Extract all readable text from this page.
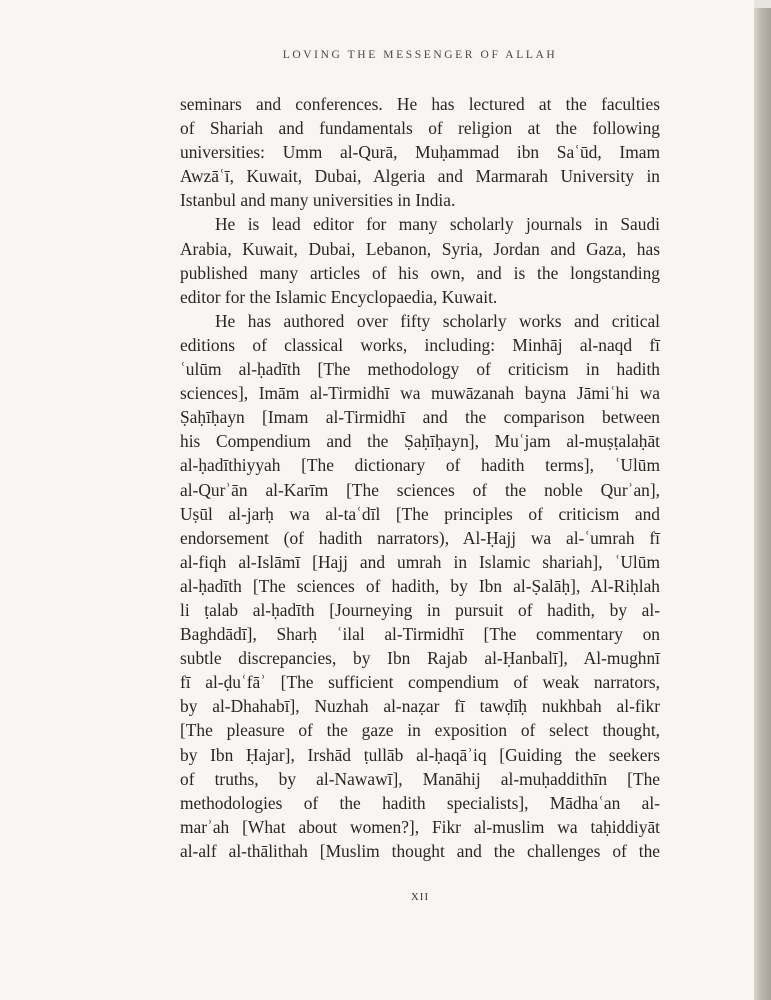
LOVING THE MESSENGER OF ALLAH
seminars and conferences. He has lectured at the faculties
of Shariah and fundamentals of religion at the following
universities: Umm al-Qurā, Muḥammad ibn Saʿūd, Imam
Awzāʿī, Kuwait, Dubai, Algeria and Marmarah University in
Istanbul and many universities in India.
He is lead editor for many scholarly journals in Saudi
Arabia, Kuwait, Dubai, Lebanon, Syria, Jordan and Gaza, has
published many articles of his own, and is the longstanding
editor for the Islamic Encyclopaedia, Kuwait.
He has authored over fifty scholarly works and critical
editions of classical works, including: Minhāj al-naqd fī
ʿulūm al-ḥadīth [The methodology of criticism in hadith
sciences], Imām al-Tirmidhī wa muwāzanah bayna Jāmiʿhi wa
Ṣaḥīḥayn [Imam al-Tirmidhī and the comparison between
his Compendium and the Ṣaḥīḥayn], Muʿjam al-muṣṭalaḥāt
al-ḥadīthiyyah [The dictionary of hadith terms], ʿUlūm
al-Qurʾān al-Karīm [The sciences of the noble Qurʾan],
Uṣūl al-jarḥ wa al-taʿdīl [The principles of criticism and
endorsement (of hadith narrators), Al-Ḥajj wa al-ʿumrah fī
al-fiqh al-Islāmī [Hajj and umrah in Islamic shariah], ʿUlūm
al-ḥadīth [The sciences of hadith, by Ibn al-Ṣalāḥ], Al-Riḥlah
li ṭalab al-ḥadīth [Journeying in pursuit of hadith, by al-
Baghdādī], Sharḥ ʿilal al-Tirmidhī [The commentary on
subtle discrepancies, by Ibn Rajab al-Ḥanbalī], Al-mughnī
fī al-ḍuʿfāʾ [The sufficient compendium of weak narrators,
by al-Dhahabī], Nuzhah al-naẓar fī tawḍīḥ nukhbah al-fikr
[The pleasure of the gaze in exposition of select thought,
by Ibn Ḥajar], Irshād ṭullāb al-ḥaqāʾiq [Guiding the seekers
of truths, by al-Nawawī], Manāhij al-muḥaddithīn [The
methodologies of the hadith specialists], Mādhaʿan al-
marʾah [What about women?], Fikr al-muslim wa taḥiddiyāt
al-alf al-thālithah [Muslim thought and the challenges of the
XII
